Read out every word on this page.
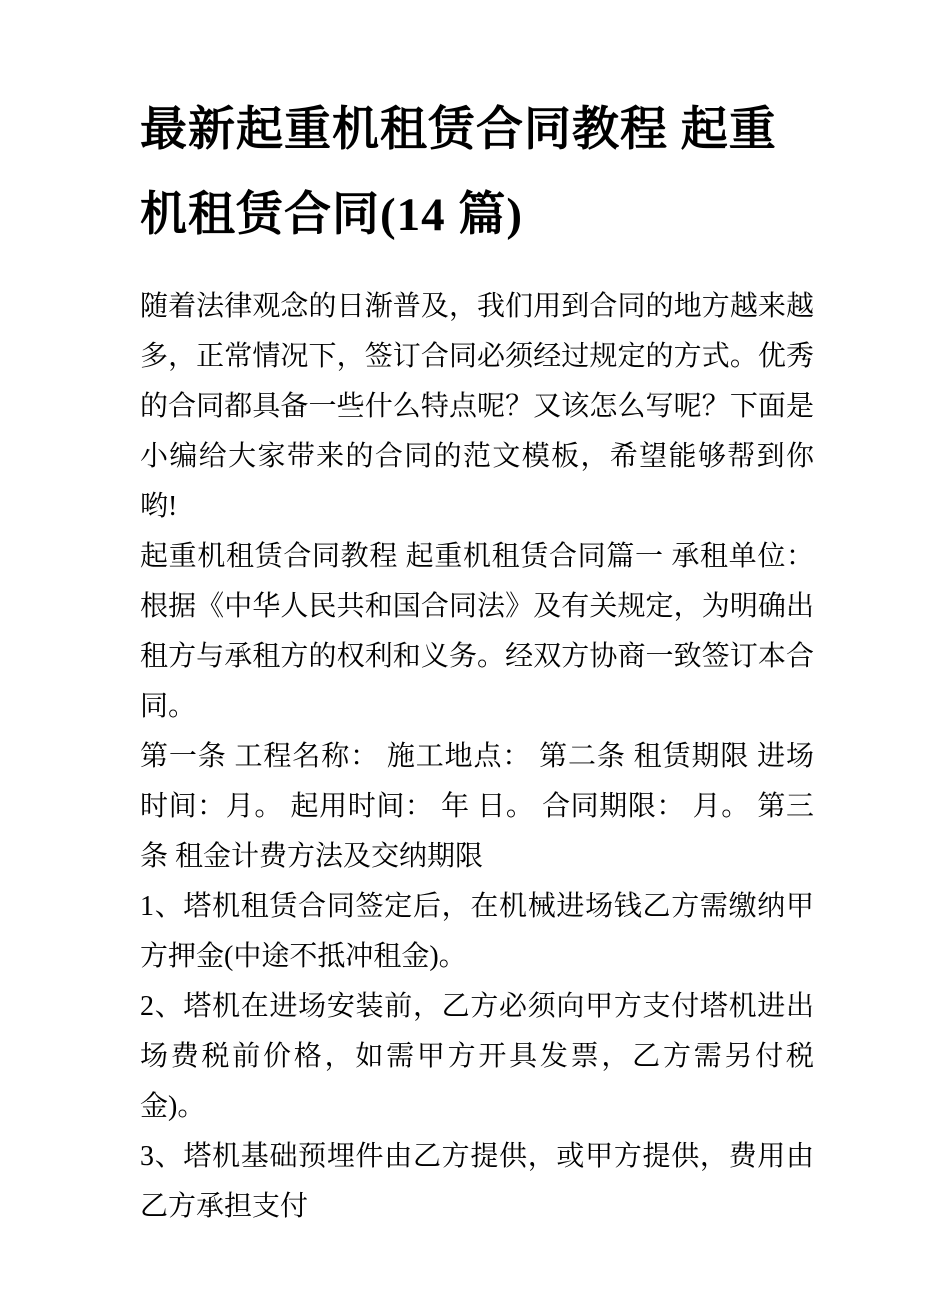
最新起重机租赁合同教程 起重机租赁合同(14 篇)

随着法律观念的日渐普及，我们用到合同的地方越来越多，正常情况下，签订合同必须经过规定的方式。优秀的合同都具备一些什么特点呢？又该怎么写呢？下面是小编给大家带来的合同的范文模板，希望能够帮到你哟!

起重机租赁合同教程 起重机租赁合同篇一 承租单位： 根据《中华人民共和国合同法》及有关规定，为明确出租方与承租方的权利和义务。经双方协商一致签订本合同。

第一条 工程名称： 施工地点： 第二条 租赁期限 进场时间：月。 起用时间： 年 日。 合同期限： 月。 第三条 租金计费方法及交纳期限

1、塔机租赁合同签定后，在机械进场钱乙方需缴纳甲方押金(中途不抵冲租金)。

2、塔机在进场安装前，乙方必须向甲方支付塔机进出场费税前价格，如需甲方开具发票，乙方需另付税金)。

3、塔机基础预埋件由乙方提供，或甲方提供，费用由乙方承担支付
